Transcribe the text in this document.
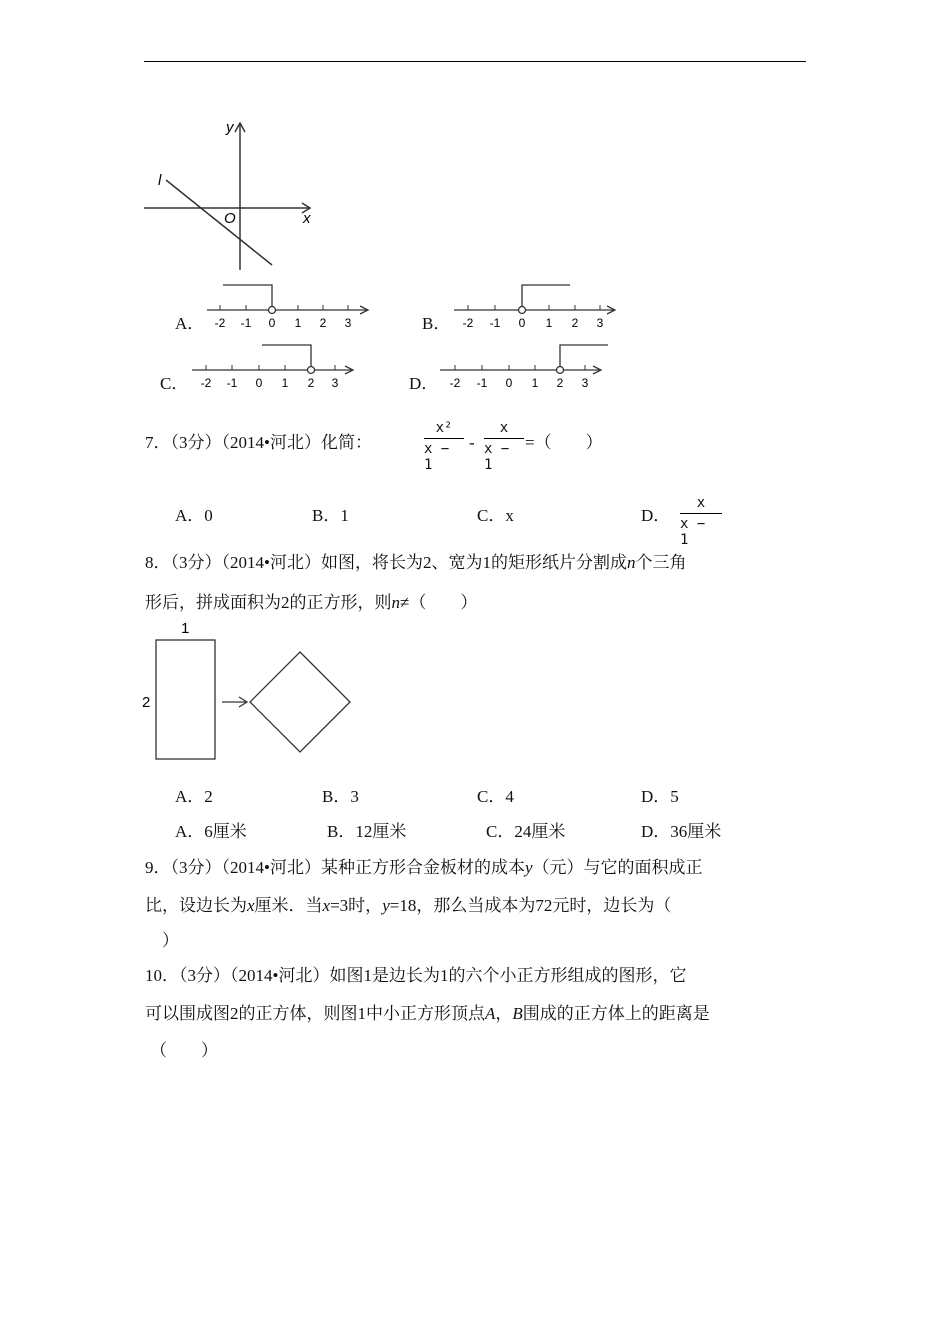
y
x
O
l
A．	B．
C．	D．
-2 -1 0 1 2 3	-2 -1 0 1 2 3
-2 -1 0 1 2 3	-2 -1 0 1 2 3
7．（3分）（2014•河北）化简：
x²
x − 1
-
x
x − 1
=（　　）
A．0	B．1	C．x	D．
x
x − 1
8．（3分）（2014•河北）如图，将长为2、宽为1的矩形纸片分割成n个三角
形后，拼成面积为2的正方形，则n≠（　　）
1
2
A．2	B．3	C．4	D．5
A．6厘米	B．12厘米	C．24厘米	D．36厘米
9．（3分）（2014•河北）某种正方形合金板材的成本y（元）与它的面积成正
比，设边长为x厘米．当x=3时，y=18，那么当成本为72元时，边长为（
）
10．（3分）（2014•河北）如图1是边长为1的六个小正方形组成的图形，它
可以围成图2的正方体，则图1中小正方形顶点A，B围成的正方体上的距离是
（　　）
